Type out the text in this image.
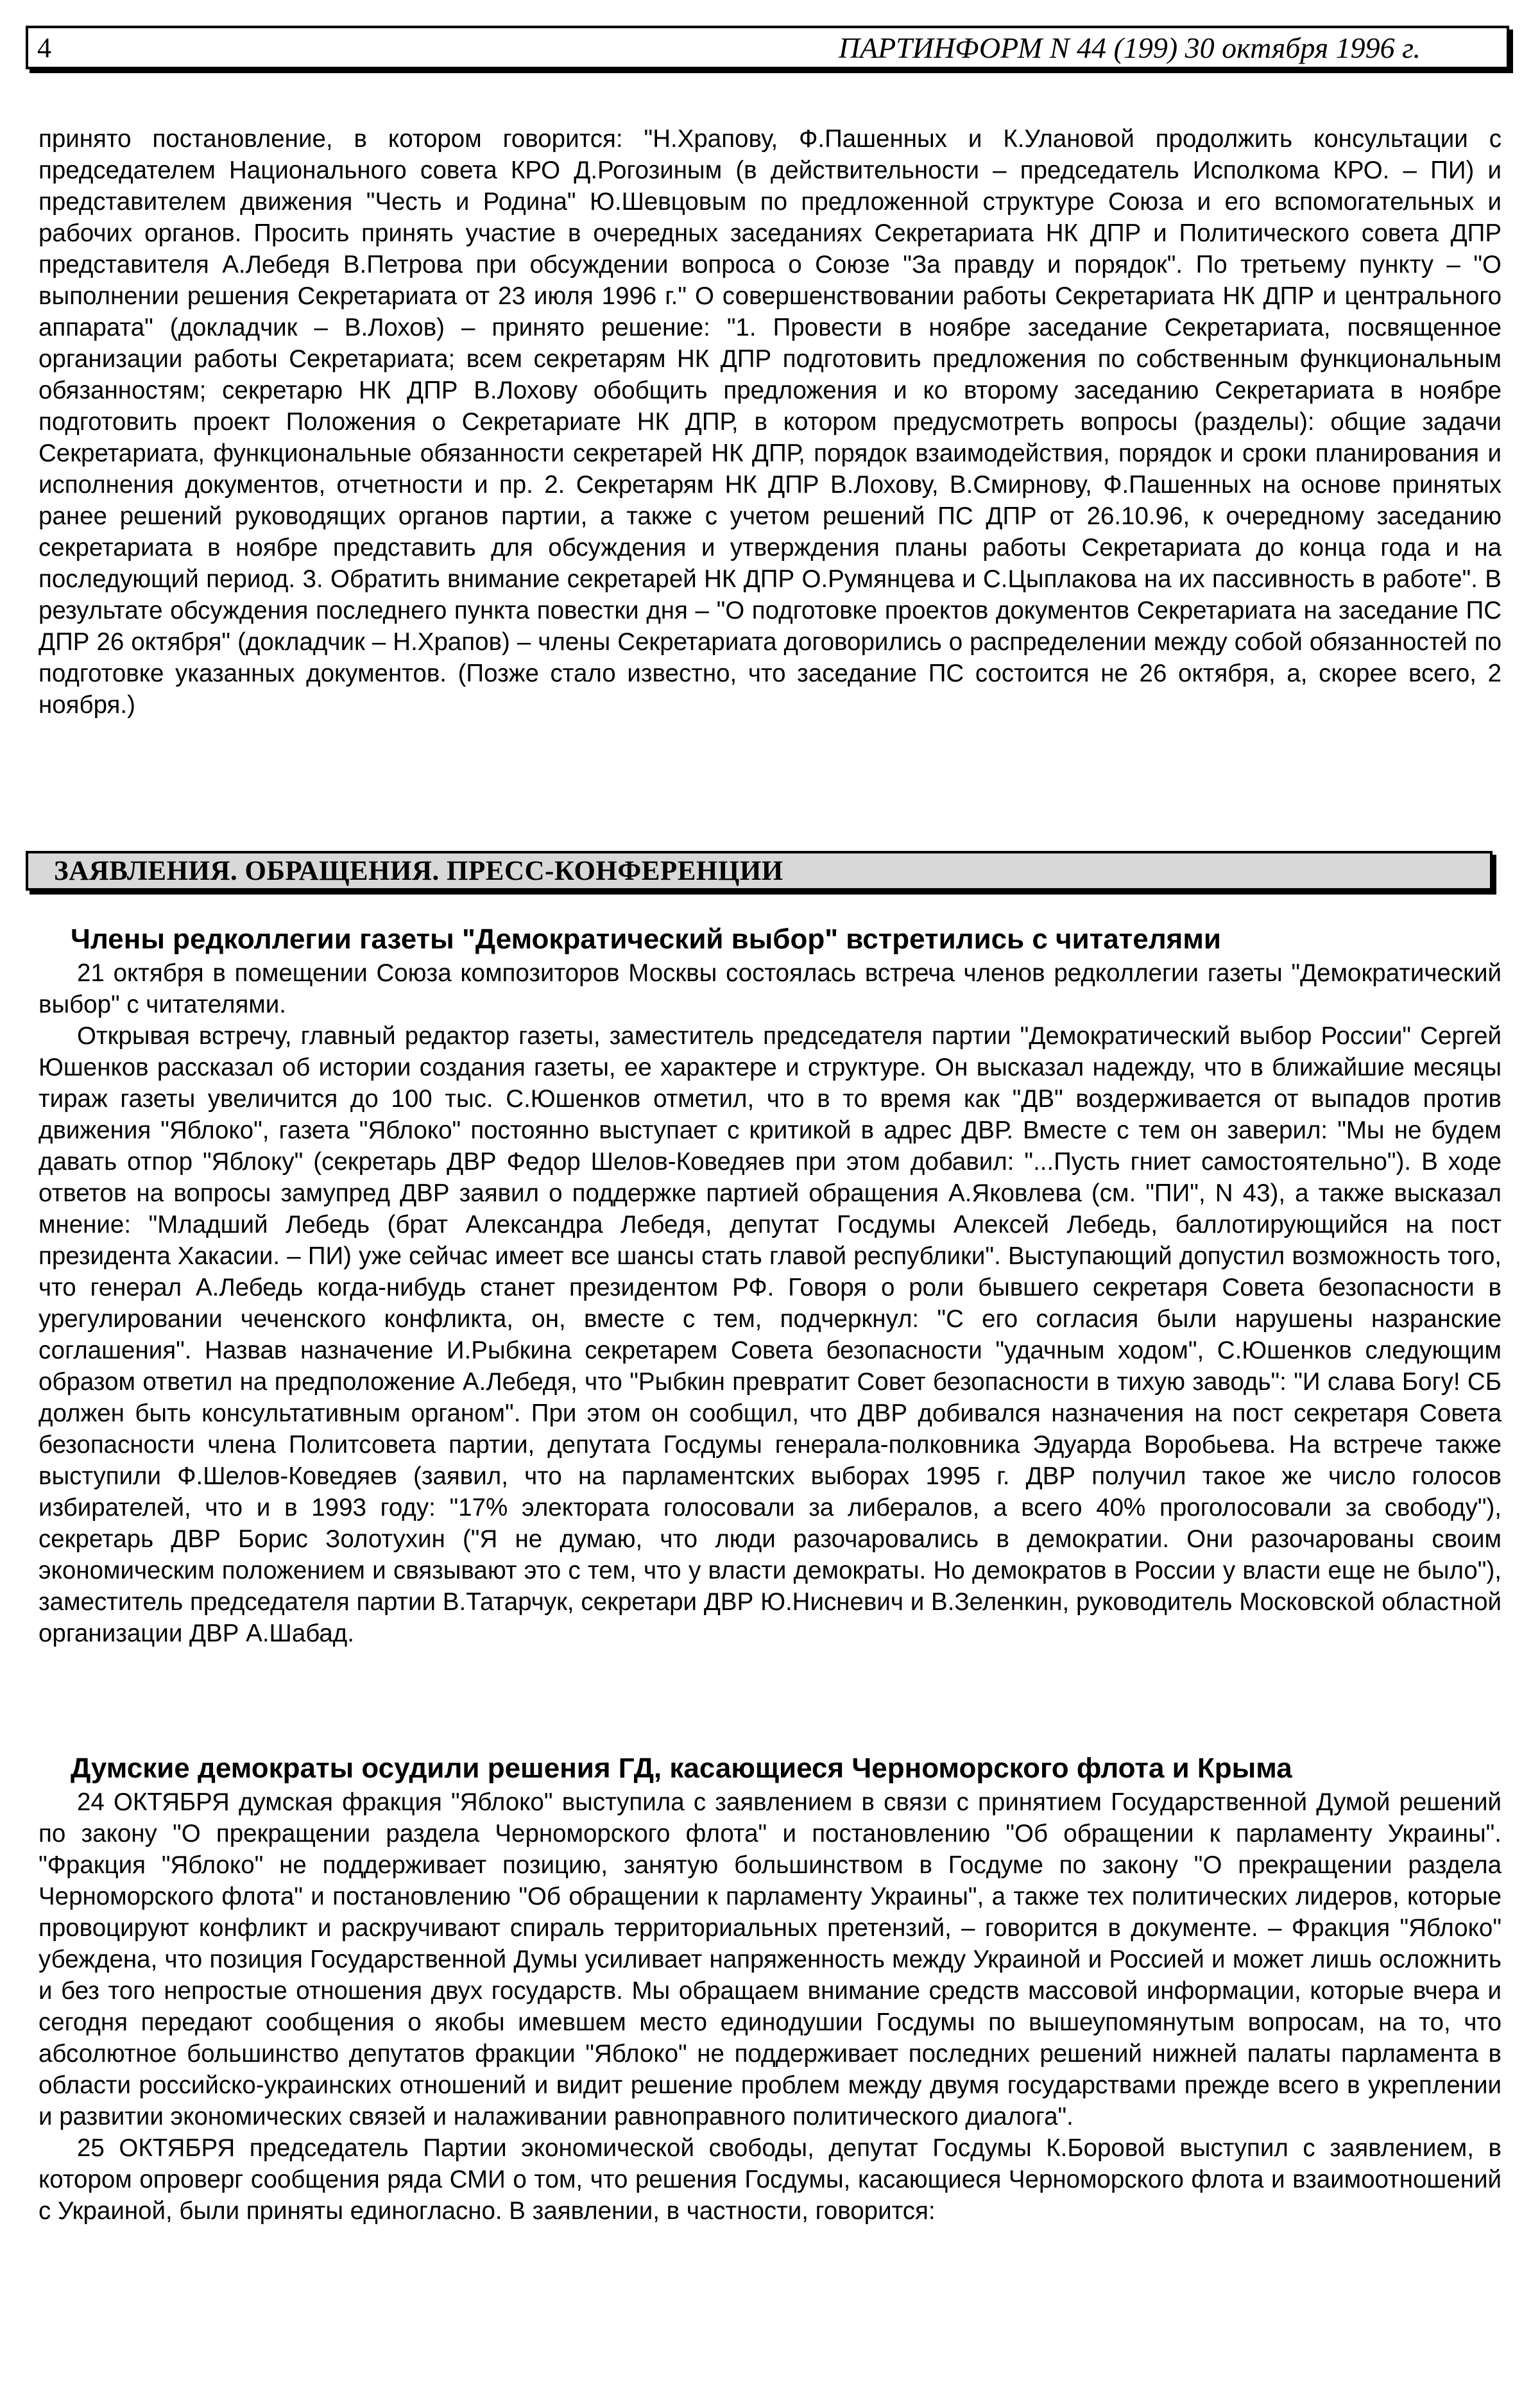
4	ПАРТИНФОРМ N 44 (199) 30 октября 1996 г.

принято постановление, в котором говорится: "Н.Храпову, Ф.Пашенных и К.Улановой продолжить консультации с председателем Национального совета КРО Д.Рогозиным (в действительности – председатель Исполкома КРО. – ПИ) и представителем движения "Честь и Родина" Ю.Шевцовым по предложенной структуре Союза и его вспомогательных и рабочих органов. Просить принять участие в очередных заседаниях Секретариата НК ДПР и Политического совета ДПР представителя А.Лебедя В.Петрова при обсуждении вопроса о Союзе "За правду и порядок". По третьему пункту – "О выполнении решения Секретариата от 23 июля 1996 г." О совершенствовании работы Секретариата НК ДПР и центрального аппарата" (докладчик – В.Лохов) – принято решение: "1. Провести в ноябре заседание Секретариата, посвященное организации работы Секретариата; всем секретарям НК ДПР подготовить предложения по собственным функциональным обязанностям; секретарю НК ДПР В.Лохову обобщить предложения и ко второму заседанию Секретариата в ноябре подготовить проект Положения о Секретариате НК ДПР, в котором предусмотреть вопросы (разделы): общие задачи Секретариата, функциональные обязанности секретарей НК ДПР, порядок взаимодействия, порядок и сроки планирования и исполнения документов, отчетности и пр. 2. Секретарям НК ДПР В.Лохову, В.Смирнову, Ф.Пашенных на основе принятых ранее решений руководящих органов партии, а также с учетом решений ПС ДПР от 26.10.96, к очередному заседанию секретариата в ноябре представить для обсуждения и утверждения планы работы Секретариата до конца года и на последующий период. 3. Обратить внимание секретарей НК ДПР О.Румянцева и С.Цыплакова на их пассивность в работе". В результате обсуждения последнего пункта повестки дня – "О подготовке проектов документов Секретариата на заседание ПС ДПР 26 октября" (докладчик – Н.Храпов) – члены Секретариата договорились о распределении между собой обязанностей по подготовке указанных документов. (Позже стало известно, что заседание ПС состоится не 26 октября, а, скорее всего, 2 ноября.)

ЗАЯВЛЕНИЯ. ОБРАЩЕНИЯ. ПРЕСС-КОНФЕРЕНЦИИ
Члены редколлегии газеты "Демократический выбор" встретились с читателями

21 октября в помещении Союза композиторов Москвы состоялась встреча членов редколлегии газеты "Демократический выбор" с читателями.

Открывая встречу, главный редактор газеты, заместитель председателя партии "Демократический выбор России" Сергей Юшенков рассказал об истории создания газеты, ее характере и структуре. Он высказал надежду, что в ближайшие месяцы тираж газеты увеличится до 100 тыс. С.Юшенков отметил, что в то время как "ДВ" воздерживается от выпадов против движения "Яблоко", газета "Яблоко" постоянно выступает с критикой в адрес ДВР. Вместе с тем он заверил: "Мы не будем давать отпор "Яблоку" (секретарь ДВР Федор Шелов-Коведяев при этом добавил: "...Пусть гниет самостоятельно"). В ходе ответов на вопросы замупред ДВР заявил о поддержке партией обращения А.Яковлева (см. "ПИ", N 43), а также высказал мнение: "Младший Лебедь (брат Александра Лебедя, депутат Госдумы Алексей Лебедь, баллотирующийся на пост президента Хакасии. – ПИ) уже сейчас имеет все шансы стать главой республики". Выступающий допустил возможность того, что генерал А.Лебедь когда-нибудь станет президентом РФ. Говоря о роли бывшего секретаря Совета безопасности в урегулировании чеченского конфликта, он, вместе с тем, подчеркнул: "С его согласия были нарушены назранские соглашения". Назвав назначение И.Рыбкина секретарем Совета безопасности "удачным ходом", С.Юшенков следующим образом ответил на предположение А.Лебедя, что "Рыбкин превратит Совет безопасности в тихую заводь": "И слава Богу! СБ должен быть консультативным органом". При этом он сообщил, что ДВР добивался назначения на пост секретаря Совета безопасности члена Политсовета партии, депутата Госдумы генерала-полковника Эдуарда Воробьева. На встрече также выступили Ф.Шелов-Коведяев (заявил, что на парламентских выборах 1995 г. ДВР получил такое же число голосов избирателей, что и в 1993 году: "17% электората голосовали за либералов, а всего 40% проголосовали за свободу"), секретарь ДВР Борис Золотухин ("Я не думаю, что люди разочаровались в демократии. Они разочарованы своим экономическим положением и связывают это с тем, что у власти демократы. Но демократов в России у власти еще не было"), заместитель председателя партии В.Татарчук, секретари ДВР Ю.Нисневич и В.Зеленкин, руководитель Московской областной организации ДВР А.Шабад.

Думские демократы осудили решения ГД, касающиеся Черноморского флота и Крыма

24 ОКТЯБРЯ думская фракция "Яблоко" выступила с заявлением в связи с принятием Государственной Думой решений по закону "О прекращении раздела Черноморского флота" и постановлению "Об обращении к парламенту Украины". "Фракция "Яблоко" не поддерживает позицию, занятую большинством в Госдуме по закону "О прекращении раздела Черноморского флота" и постановлению "Об обращении к парламенту Украины", а также тех политических лидеров, которые провоцируют конфликт и раскручивают спираль территориальных претензий, – говорится в документе. – Фракция "Яблоко" убеждена, что позиция Государственной Думы усиливает напряженность между Украиной и Россией и может лишь осложнить и без того непростые отношения двух государств. Мы обращаем внимание средств массовой информации, которые вчера и сегодня передают сообщения о якобы имевшем место единодушии Госдумы по вышеупомянутым вопросам, на то, что абсолютное большинство депутатов фракции "Яблоко" не поддерживает последних решений нижней палаты парламента в области российско-украинских отношений и видит решение проблем между двумя государствами прежде всего в укреплении и развитии экономических связей и налаживании равноправного политического диалога".

25 ОКТЯБРЯ председатель Партии экономической свободы, депутат Госдумы К.Боровой выступил с заявлением, в котором опроверг сообщения ряда СМИ о том, что решения Госдумы, касающиеся Черноморского флота и взаимоотношений с Украиной, были приняты единогласно. В заявлении, в частности, говорится:
